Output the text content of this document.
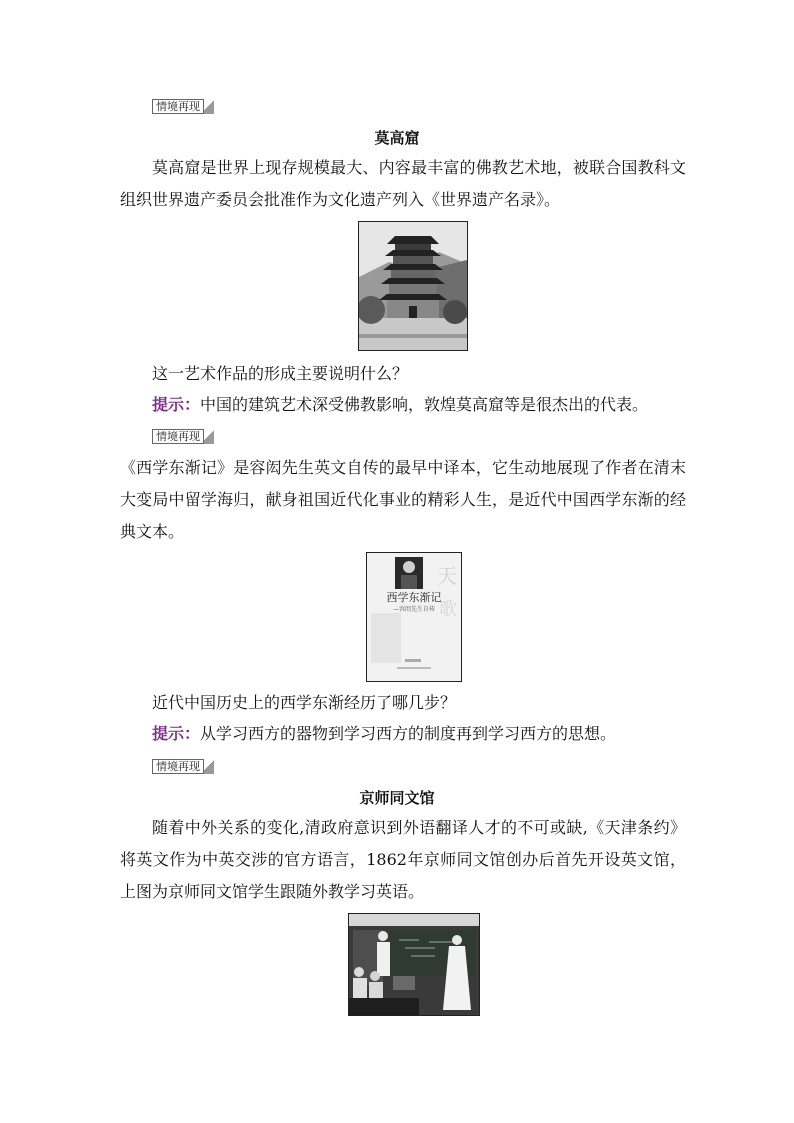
情境再现
莫高窟

莫高窟是世界上现存规模最大、内容最丰富的佛教艺术地，被联合国教科文组织世界遗产委员会批准作为文化遗产列入《世界遗产名录》。

这一艺术作品的形成主要说明什么？
提示：中国的建筑艺术深受佛教影响，敦煌莫高窟等是很杰出的代表。
情境再现

《西学东渐记》是容闳先生英文自传的最早中译本，它生动地展现了作者在清末大变局中留学海归，献身祖国近代化事业的精彩人生，是近代中国西学东渐的经典文本。

天
歌
西学东渐记
—容闳先生自传
近代中国历史上的西学东渐经历了哪几步？
提示：从学习西方的器物到学习西方的制度再到学习西方的思想。
情境再现
京师同文馆

随着中外关系的变化,清政府意识到外语翻译人才的不可或缺,《天津条约》将英文作为中英交涉的官方语言，1862年京师同文馆创办后首先开设英文馆，上图为京师同文馆学生跟随外教学习英语。
